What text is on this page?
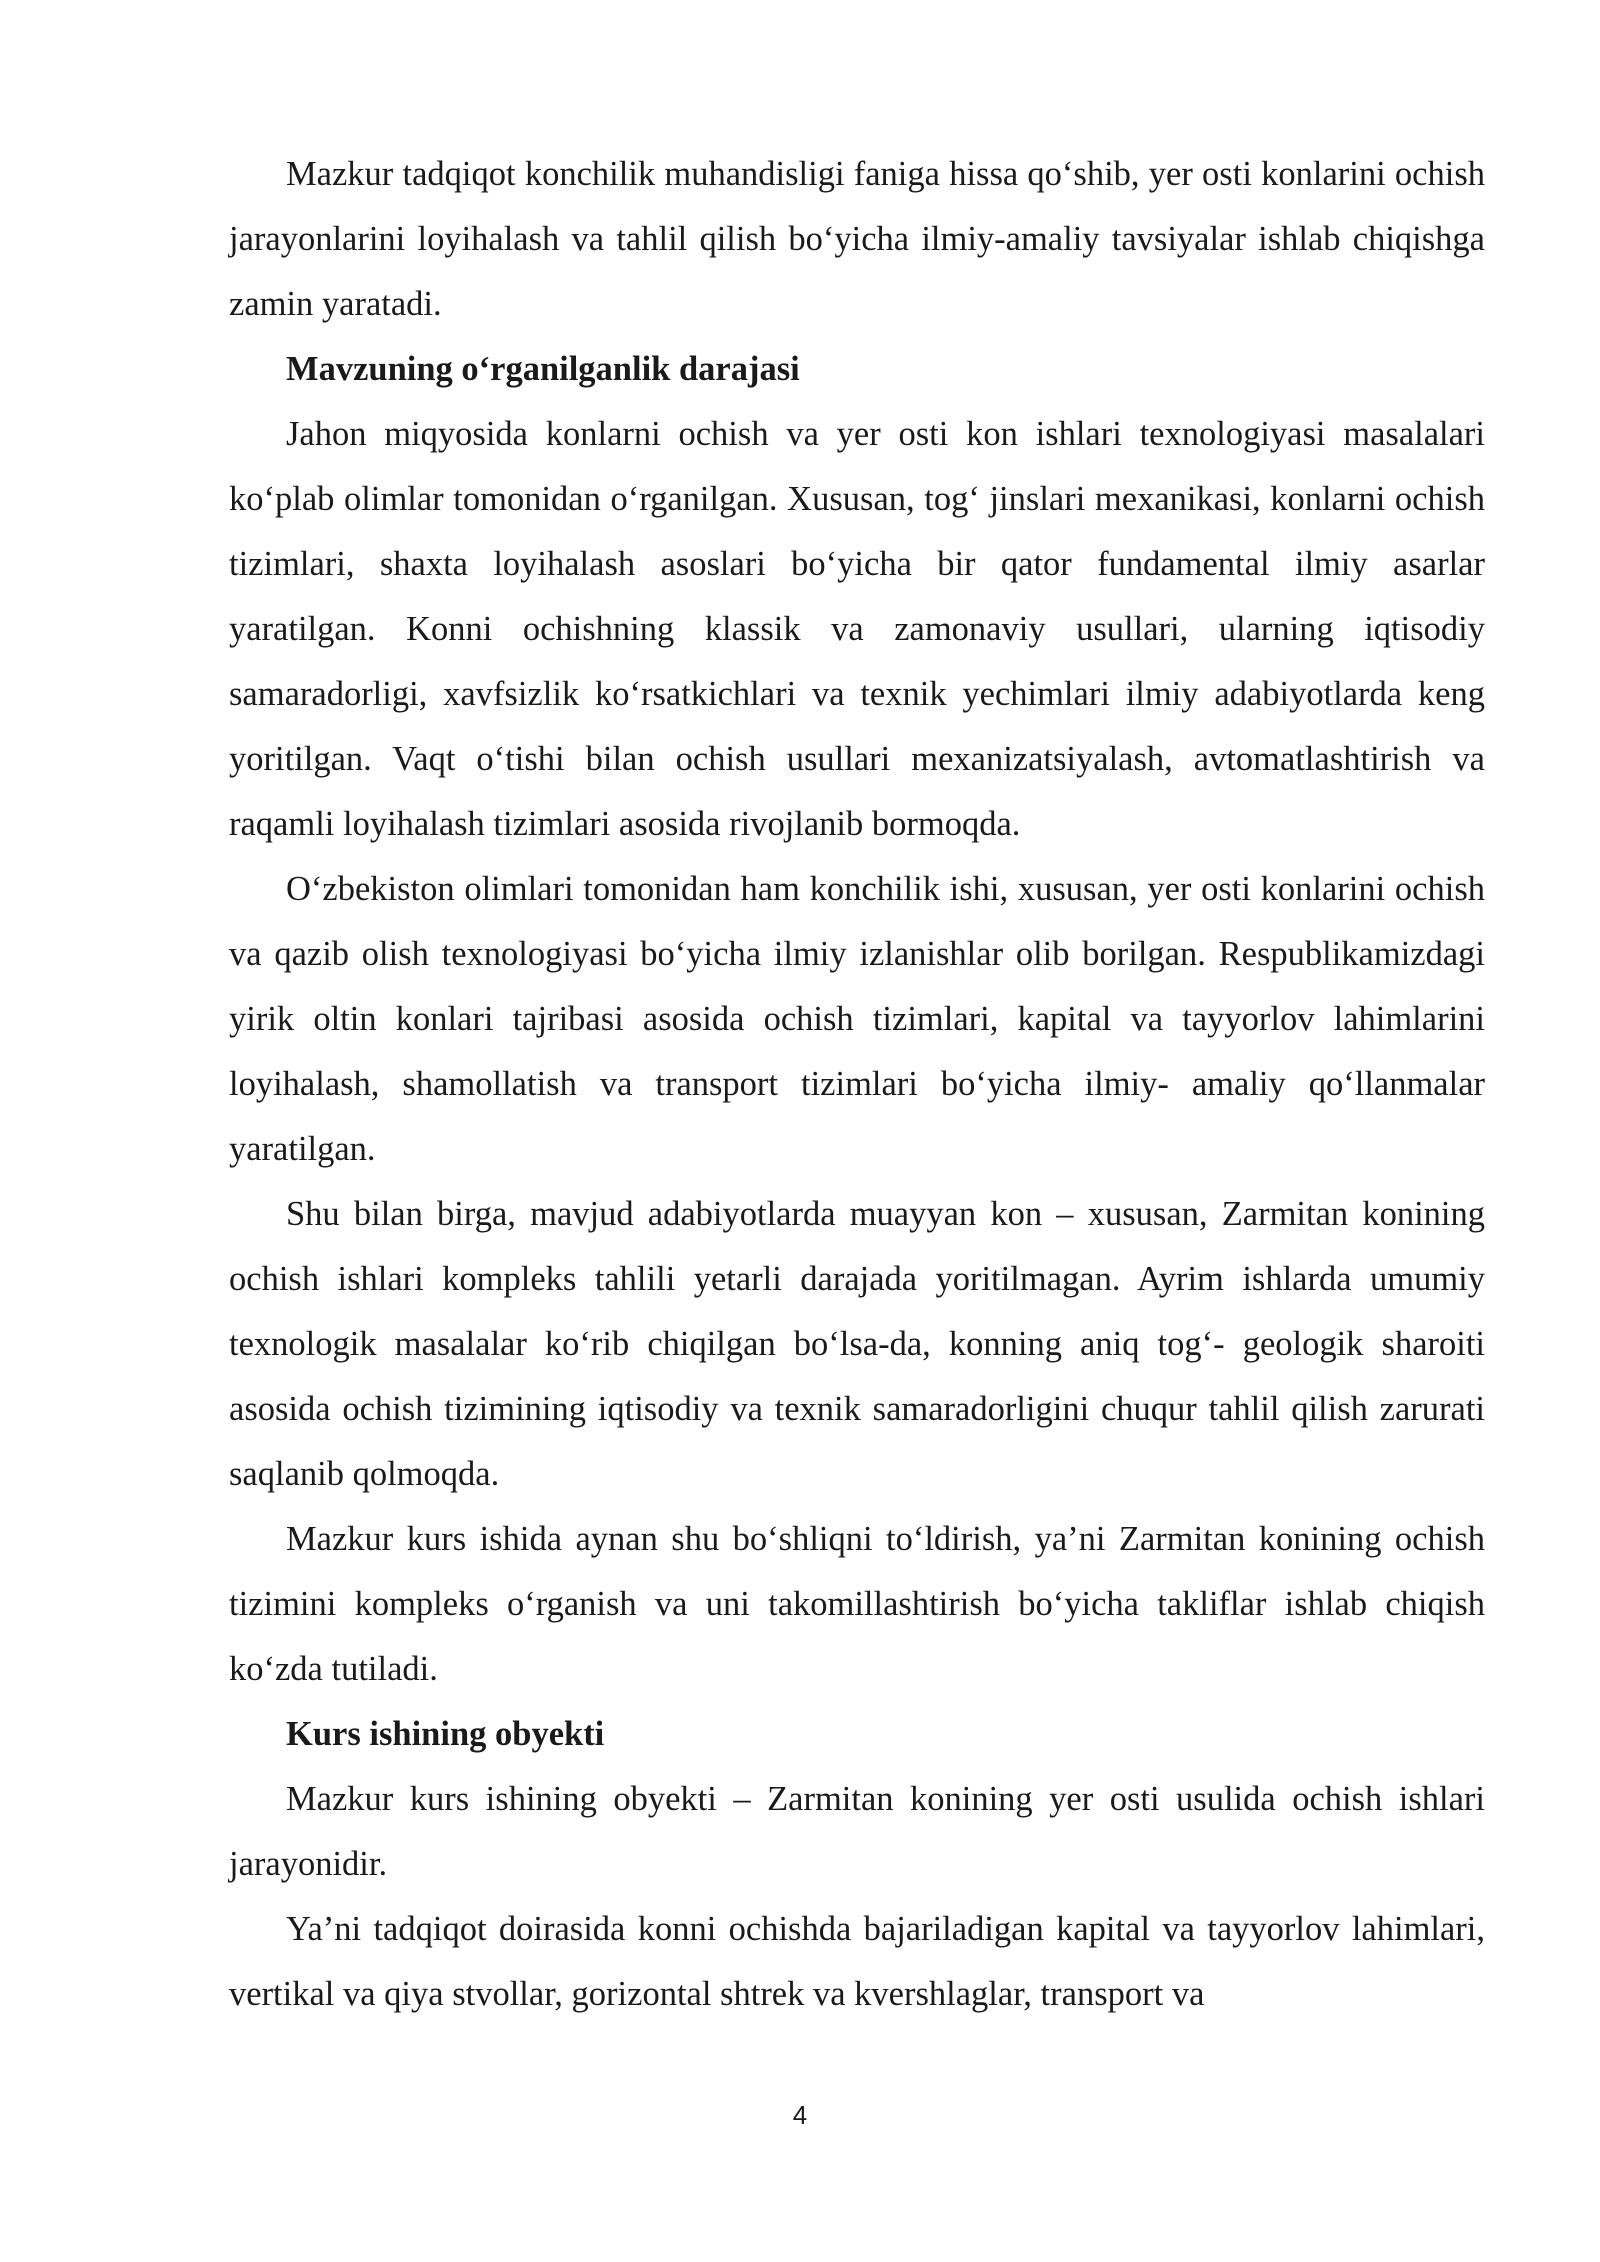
Mazkur tadqiqot konchilik muhandisligi faniga hissa qo‘shib, yer osti konlarini ochish jarayonlarini loyihalash va tahlil qilish bo‘yicha ilmiy-amaliy tavsiyalar ishlab chiqishga zamin yaratadi.

Mavzuning o‘rganilganlik darajasi

Jahon miqyosida konlarni ochish va yer osti kon ishlari texnologiyasi masalalari ko‘plab olimlar tomonidan o‘rganilgan. Xususan, tog‘ jinslari mexanikasi, konlarni ochish tizimlari, shaxta loyihalash asoslari bo‘yicha bir qator fundamental ilmiy asarlar yaratilgan. Konni ochishning klassik va zamonaviy usullari, ularning iqtisodiy samaradorligi, xavfsizlik ko‘rsatkichlari va texnik yechimlari ilmiy adabiyotlarda keng yoritilgan. Vaqt o‘tishi bilan ochish usullari mexanizatsiyalash, avtomatlashtirish va raqamli loyihalash tizimlari asosida rivojlanib bormoqda.

O‘zbekiston olimlari tomonidan ham konchilik ishi, xususan, yer osti konlarini ochish va qazib olish texnologiyasi bo‘yicha ilmiy izlanishlar olib borilgan. Respublikamizdagi yirik oltin konlari tajribasi asosida ochish tizimlari, kapital va tayyorlov lahimlarini loyihalash, shamollatish va transport tizimlari bo‘yicha ilmiy- amaliy qo‘llanmalar yaratilgan.

Shu bilan birga, mavjud adabiyotlarda muayyan kon – xususan, Zarmitan konining ochish ishlari kompleks tahlili yetarli darajada yoritilmagan. Ayrim ishlarda umumiy texnologik masalalar ko‘rib chiqilgan bo‘lsa-da, konning aniq tog‘- geologik sharoiti asosida ochish tizimining iqtisodiy va texnik samaradorligini chuqur tahlil qilish zarurati saqlanib qolmoqda.

Mazkur kurs ishida aynan shu bo‘shliqni to‘ldirish, ya’ni Zarmitan konining ochish tizimini kompleks o‘rganish va uni takomillashtirish bo‘yicha takliflar ishlab chiqish ko‘zda tutiladi.

Kurs ishining obyekti

Mazkur kurs ishining obyekti – Zarmitan konining yer osti usulida ochish ishlari jarayonidir.

Ya’ni tadqiqot doirasida konni ochishda bajariladigan kapital va tayyorlov lahimlari, vertikal va qiya stvollar, gorizontal shtrek va kvershlaglar, transport va

4
